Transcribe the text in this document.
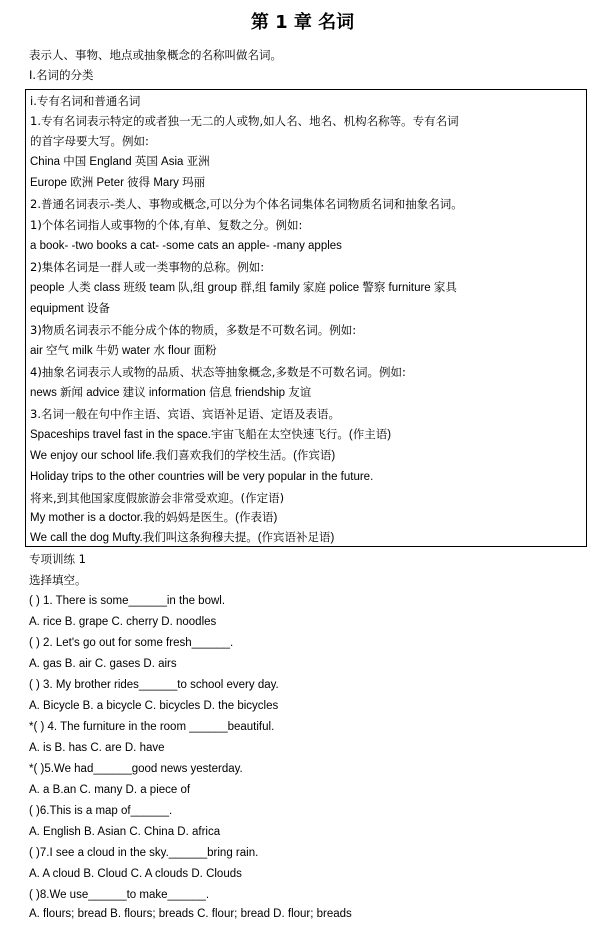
第 1 章 名词
表示人、事物、地点或抽象概念的名称叫做名词。
I.名词的分类
i.专有名词和普通名词
1.专有名词表示特定的或者独一无二的人或物,如人名、地名、机构名称等。专有名词
的首字母要大写。例如:
China 中国 England 英国 Asia 亚洲
Europe 欧洲 Peter 彼得 Mary 玛丽
2.普通名词表示-类人、事物或概念,可以分为个体名词集体名词物质名词和抽象名词。
1)个体名词指人或事物的个体,有单、复数之分。例如:
a book- -two books a cat- -some cats an apple- -many apples
2)集体名词是一群人或一类事物的总称。例如:
people 人类 class 班级 team 队,组 group 群,组 family 家庭 police 警察 furniture 家具
equipment 设备
3)物质名词表示不能分成个体的物质，多数是不可数名词。例如:
air 空气 milk 牛奶 water 水 flour 面粉
4)抽象名词表示人或物的品质、状态等抽象概念,多数是不可数名词。例如:
news 新闻 advice 建议 information 信息 friendship 友谊
3.名词一般在句中作主语、宾语、宾语补足语、定语及表语。
Spaceships travel fast in the space.宇宙飞船在太空快速飞行。(作主语)
We enjoy our school life.我们喜欢我们的学校生活。(作宾语)
Holiday trips to the other countries will be very popular in the future.
将来,到其他国家度假旅游会非常受欢迎。(作定语)
My mother is a doctor.我的妈妈是医生。(作表语)
We call the dog Mufty.我们叫这条狗穆夫提。(作宾语补足语)
专项训练 1
选择填空。
( ) 1. There is some______in the bowl.
A. rice B. grape C. cherry D. noodles
( ) 2. Let's go out for some fresh______.
A. gas B. air C. gases D. airs
( ) 3. My brother rides______to school every day.
A. Bicycle B. a bicycle C. bicycles D. the bicycles
*( ) 4. The furniture in the room ______beautiful.
A. is B. has C. are D. have
*( )5.We had______good news yesterday.
A. a B.an C. many D. a piece of
( )6.This is a map of______.
A. English B. Asian C. China D. africa
( )7.I see a cloud in the sky.______bring rain.
A. A cloud B. Cloud C. A clouds D. Clouds
( )8.We use______to make______.
A. flours; bread B. flours; breads C. flour; bread D. flour; breads
